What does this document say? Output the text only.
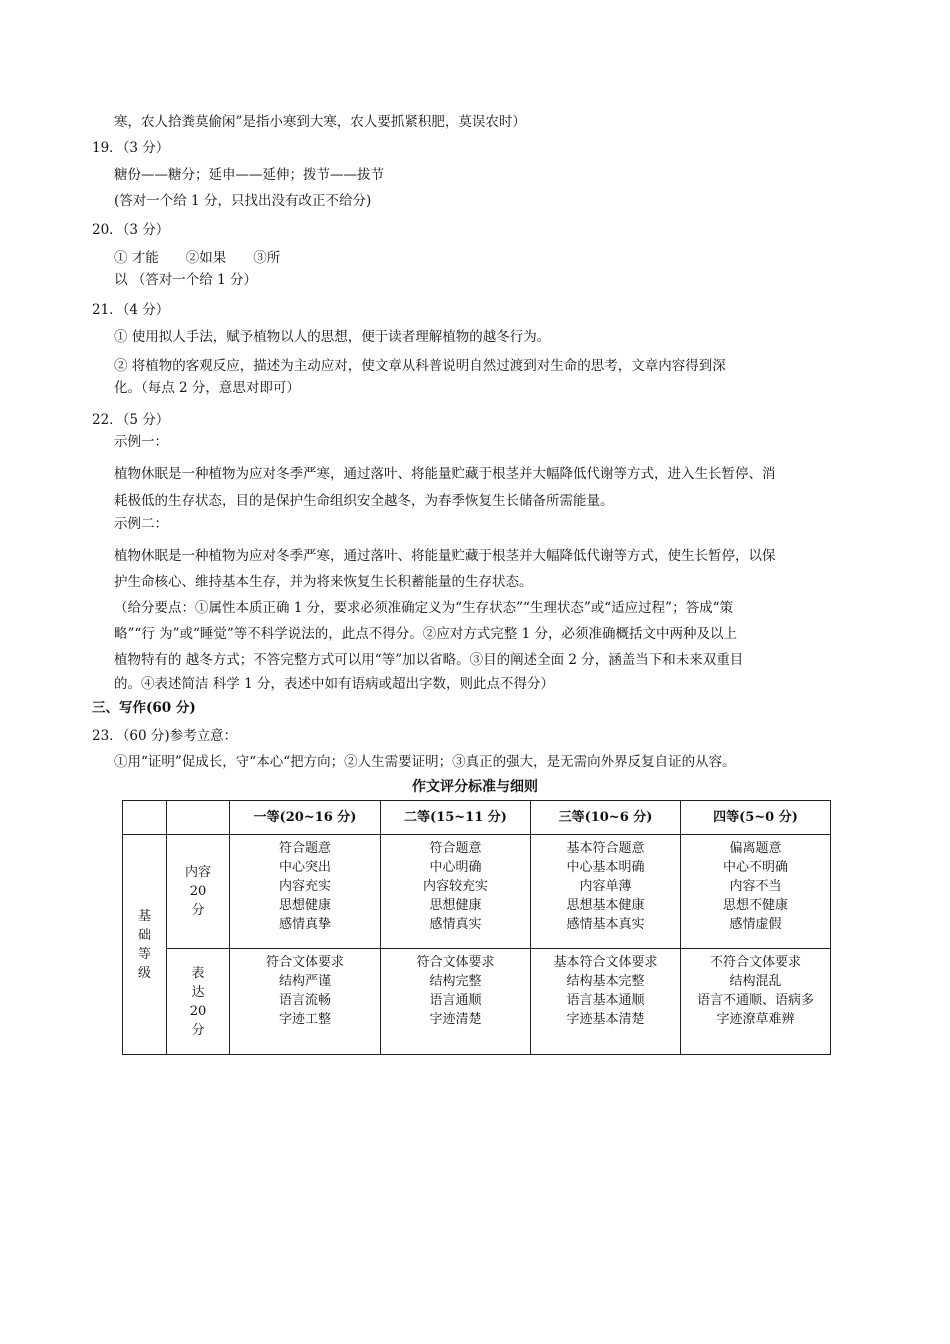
寒，农人拾粪莫偷闲”是指小寒到大寒，农人要抓紧积肥，莫误农时）
19．（3 分）
糖份——糖分；延申——延伸；拨节——拔节
(答对一个给 1 分，只找出没有改正不给分)
20．（3 分）
① 才能　　②如果　　③所
以 （答对一个给 1 分）
21．（4 分）
① 使用拟人手法，赋予植物以人的思想，便于读者理解植物的越冬行为。
② 将植物的客观反应，描述为主动应对，使文章从科普说明自然过渡到对生命的思考，文章内容得到深
化。（每点 2 分，意思对即可）
22．（5 分）
示例一：
植物休眠是一种植物为应对冬季严寒，通过落叶、将能量贮藏于根茎并大幅降低代谢等方式，进入生长暂停、消
耗极低的生存状态，目的是保护生命组织安全越冬，为春季恢复生长储备所需能量。
示例二：
植物休眠是一种植物为应对冬季严寒，通过落叶、将能量贮藏于根茎并大幅降低代谢等方式，使生长暂停，以保
护生命核心、维持基本生存，并为将来恢复生长积蓄能量的生存状态。
（给分要点：①属性本质正确 1 分，要求必须准确定义为“生存状态”“生理状态”或“适应过程”；答成“策
略”“行 为”或“睡觉”等不科学说法的，此点不得分。②应对方式完整 1 分，必须准确概括文中两种及以上
植物特有的 越冬方式；不答完整方式可以用“等”加以省略。③目的阐述全面 2 分，涵盖当下和未来双重目
的。④表述简洁 科学 1 分，表述中如有语病或超出字数，则此点不得分）
三、写作(60 分)
23．（60 分)参考立意：
①用“证明”促成长，守“本心“把方向；②人生需要证明；③真正的强大，是无需向外界反复自证的从容。
作文评分标准与细则
		一等(20~16 分)	二等(15~11 分)	三等(10~6 分)	四等(5~0 分)

基
础
等
级	内容
20
分	符合题意
中心突出
内容充实
思想健康
感情真挚	符合题意
中心明确
内容较充实
思想健康
感情真实	基本符合题意
中心基本明确
内容单薄
思想基本健康
感情基本真实	偏离题意
中心不明确
内容不当
思想不健康
感情虚假

	表
达
20
分	符合文体要求
结构严谨
语言流畅
字迹工整	符合文体要求
结构完整
语言通顺
字迹清楚	基本符合文体要求
结构基本完整
语言基本通顺
字迹基本清楚	不符合文体要求
结构混乱
语言不通顺、语病多
字迹潦草难辨
